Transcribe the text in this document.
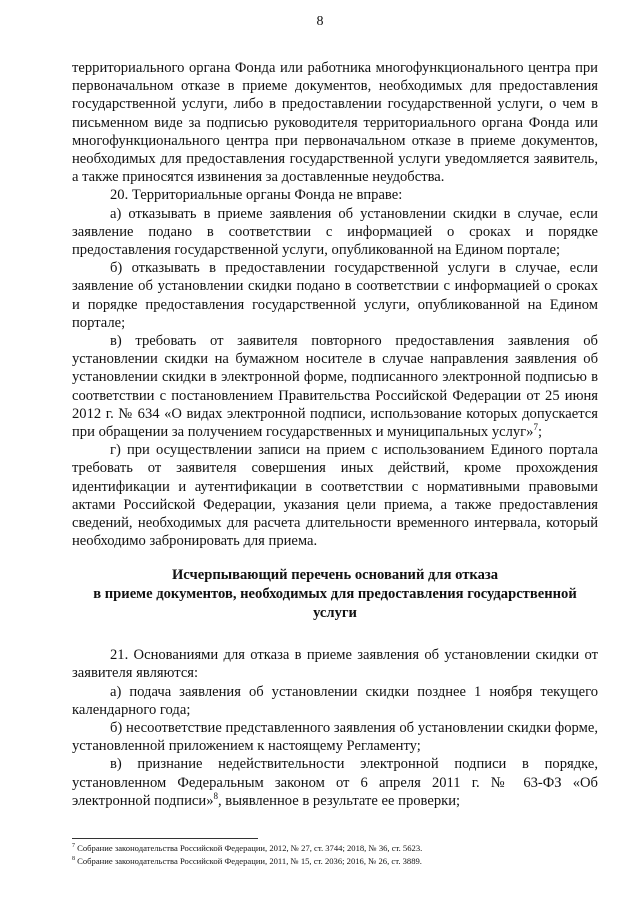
8

территориального органа Фонда или работника многофункционального центра при первоначальном отказе в приеме документов, необходимых для предоставления государственной услуги, либо в предоставлении государственной услуги, о чем в письменном виде за подписью руководителя территориального органа Фонда или многофункционального центра при первоначальном отказе в приеме документов, необходимых для предоставления государственной услуги уведомляется заявитель, а также приносятся извинения за доставленные неудобства.

20. Территориальные органы Фонда не вправе:

а) отказывать в приеме заявления об установлении скидки в случае, если заявление подано в соответствии с информацией о сроках и порядке предоставления государственной услуги, опубликованной на Едином портале;

б) отказывать в предоставлении государственной услуги в случае, если заявление об установлении скидки подано в соответствии с информацией о сроках и порядке предоставления государственной услуги, опубликованной на Едином портале;

в) требовать от заявителя повторного предоставления заявления об установлении скидки на бумажном носителе в случае направления заявления об установлении скидки в электронной форме, подписанного электронной подписью в соответствии с постановлением Правительства Российской Федерации от 25 июня 2012 г. № 634 «О видах электронной подписи, использование которых допускается при обращении за получением государственных и муниципальных услуг»$^7$;

г) при осуществлении записи на прием с использованием Единого портала требовать от заявителя совершения иных действий, кроме прохождения идентификации и аутентификации в соответствии с нормативными правовыми актами Российской Федерации, указания цели приема, а также предоставления сведений, необходимых для расчета длительности временного интервала, который необходимо забронировать для приема.

Исчерпывающий перечень оснований для отказа
в приеме документов, необходимых для предоставления государственной
услуги

21. Основаниями для отказа в приеме заявления об установлении скидки от заявителя являются:

а) подача заявления об установлении скидки позднее 1 ноября текущего календарного года;

б) несоответствие представленного заявления об установлении скидки форме, установленной приложением к настоящему Регламенту;

в) признание недействительности электронной подписи в порядке, установленном Федеральным законом от 6 апреля 2011 г. № 63-ФЗ «Об электронной подписи»$^8$, выявленное в результате ее проверки;

$^7$ Собрание законодательства Российской Федерации, 2012, № 27, ст. 3744; 2018, № 36, ст. 5623.
$^8$ Собрание законодательства Российской Федерации, 2011, № 15, ст. 2036; 2016, № 26, ст. 3889.
